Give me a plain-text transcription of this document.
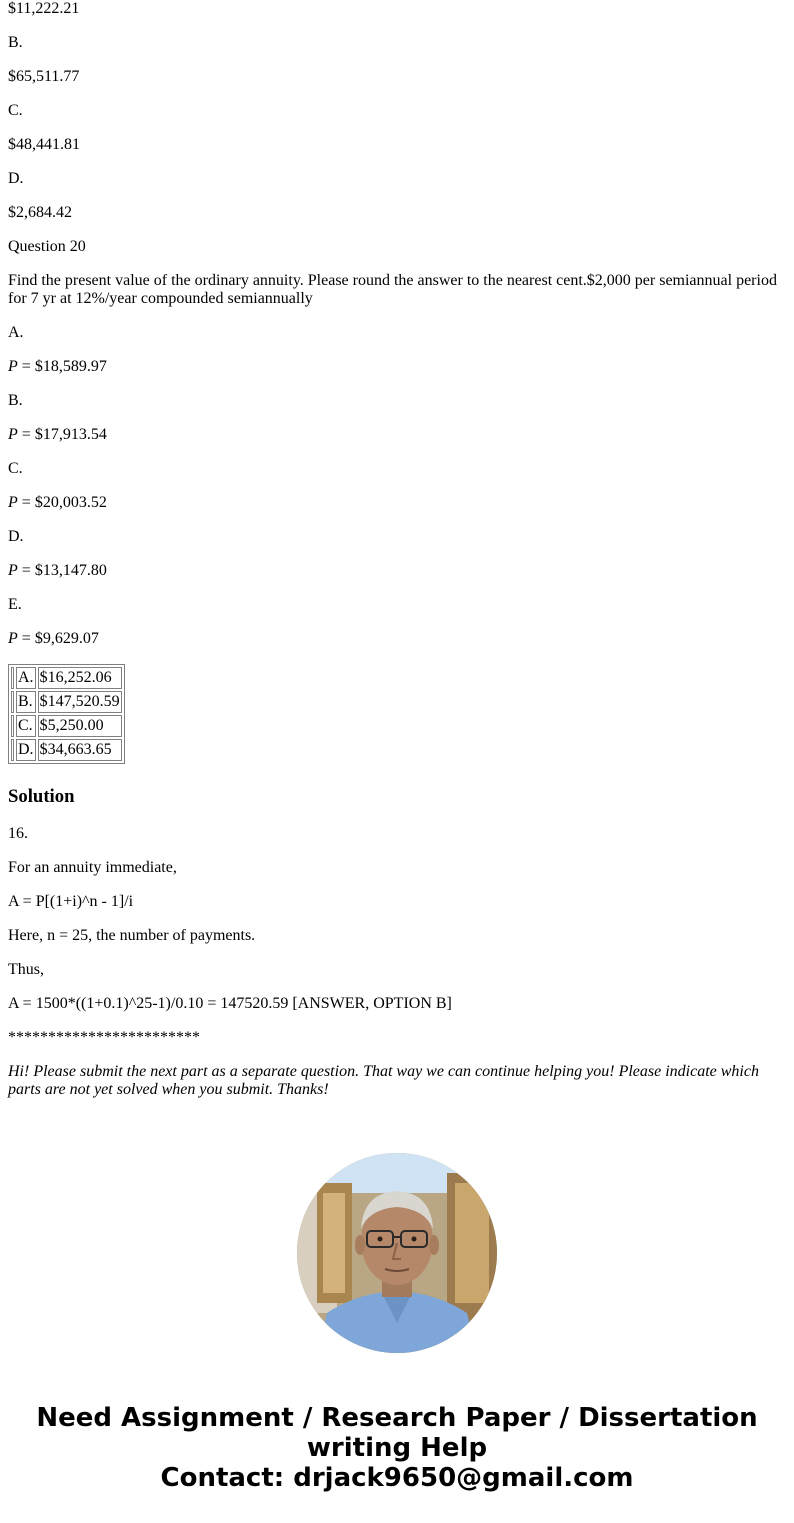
$11,222.21

B.

$65,511.77

C.

$48,441.81

D.

$2,684.42

Question 20

Find the present value of the ordinary annuity. Please round the answer to the nearest cent.$2,000 per semiannual period for 7 yr at 12%/year compounded semiannually

A.

P = $18,589.97

B.

P = $17,913.54

C.

P = $20,003.52

D.

P = $13,147.80

E.

P = $9,629.07

	A.	$16,252.06
	B.	$147,520.59
	C.	$5,250.00
	D.	$34,663.65
Solution

16.

For an annuity immediate,

A = P[(1+i)^n - 1]/i

Here, n = 25, the number of payments.

Thus,

A = 1500*((1+0.1)^25-1)/0.10 = 147520.59 [ANSWER, OPTION B]

************************

Hi! Please submit the next part as a separate question. That way we can continue helping you! Please indicate which parts are not yet solved when you submit. Thanks!

Need Assignment / Research Paper / Dissertation
writing Help
Contact: drjack9650@gmail.com
